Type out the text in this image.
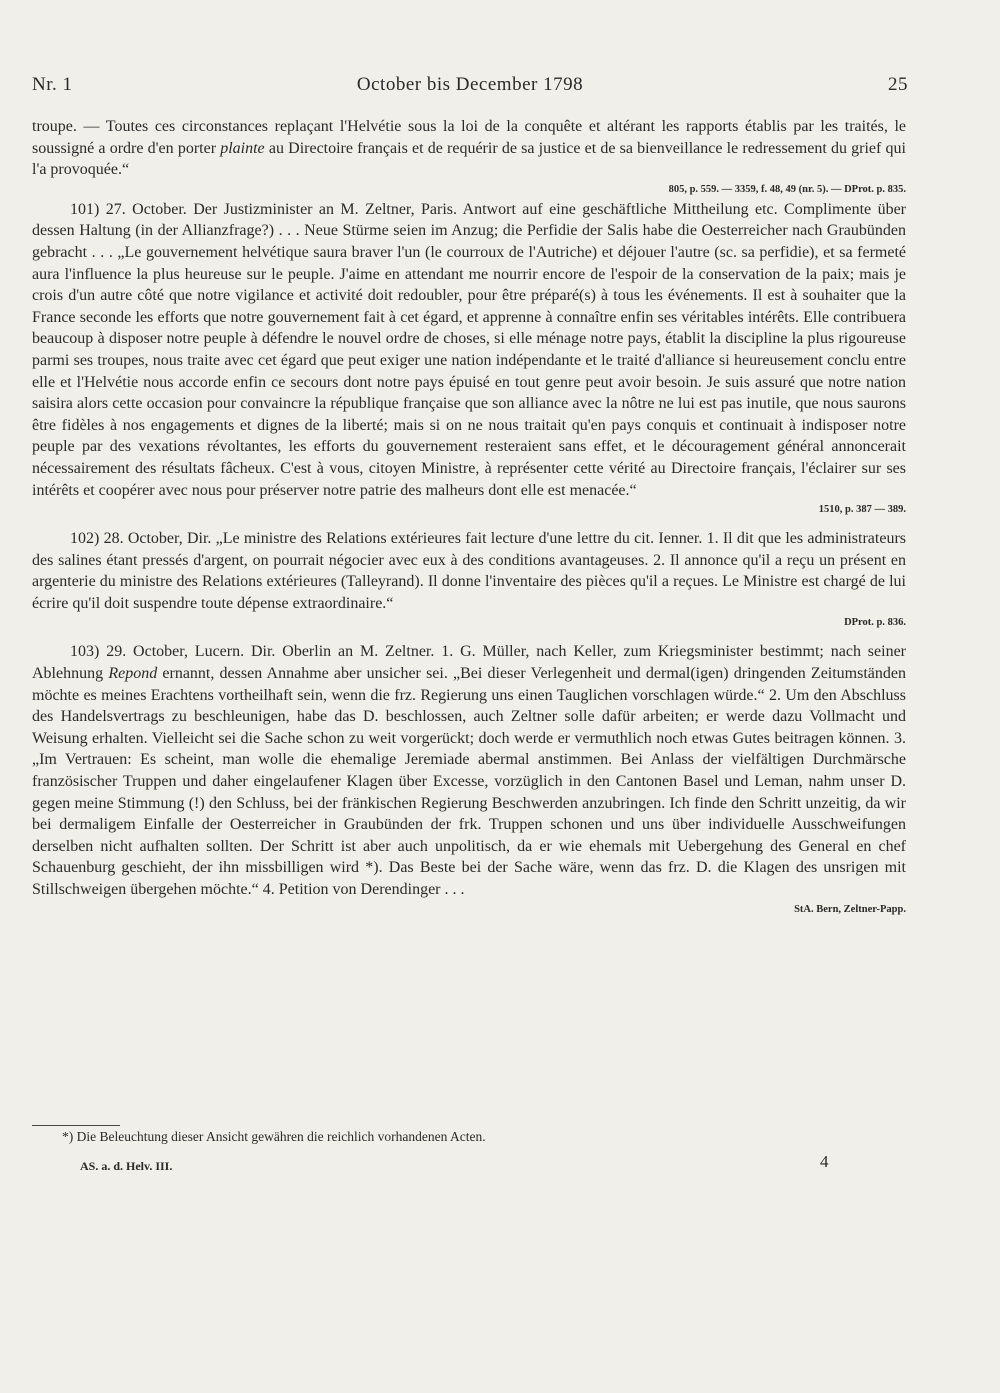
Nr. 1	October bis December 1798	25

troupe. — Toutes ces circonstances replaçant l'Helvétie sous la loi de la conquête et altérant les rapports établis par les traités, le soussigné a ordre d'en porter plainte au Directoire français et de requérir de sa justice et de sa bienveillance le redressement du grief qui l'a provoquée.“

805, p. 559. — 3359, f. 48, 49 (nr. 5). — DProt. p. 835.

101) 27. October. Der Justizminister an M. Zeltner, Paris. Antwort auf eine geschäftliche Mittheilung etc. Complimente über dessen Haltung (in der Allianzfrage?) . . . Neue Stürme seien im Anzug; die Perfidie der Salis habe die Oesterreicher nach Graubünden gebracht . . . „Le gouvernement helvétique saura braver l'un (le courroux de l'Autriche) et déjouer l'autre (sc. sa perfidie), et sa fermeté aura l'influence la plus heureuse sur le peuple. J'aime en attendant me nourrir encore de l'espoir de la conservation de la paix; mais je crois d'un autre côté que notre vigilance et activité doit redoubler, pour être préparé(s) à tous les événements. Il est à souhaiter que la France seconde les efforts que notre gouvernement fait à cet égard, et apprenne à connaître enfin ses véritables intérêts. Elle contribuera beaucoup à disposer notre peuple à défendre le nouvel ordre de choses, si elle ménage notre pays, établit la discipline la plus rigoureuse parmi ses troupes, nous traite avec cet égard que peut exiger une nation indépendante et le traité d'alliance si heureusement conclu entre elle et l'Helvétie nous accorde enfin ce secours dont notre pays épuisé en tout genre peut avoir besoin. Je suis assuré que notre nation saisira alors cette occasion pour convaincre la république française que son alliance avec la nôtre ne lui est pas inutile, que nous saurons être fidèles à nos engagements et dignes de la liberté; mais si on ne nous traitait qu'en pays conquis et continuait à indisposer notre peuple par des vexations révoltantes, les efforts du gouvernement resteraient sans effet, et le découragement général annoncerait nécessairement des résultats fâcheux. C'est à vous, citoyen Ministre, à représenter cette vérité au Directoire français, l'éclairer sur ses intérêts et coopérer avec nous pour préserver notre patrie des malheurs dont elle est menacée.“

1510, p. 387 — 389.

102) 28. October, Dir. „Le ministre des Relations extérieures fait lecture d'une lettre du cit. Ienner. 1. Il dit que les administrateurs des salines étant pressés d'argent, on pourrait négocier avec eux à des conditions avantageuses. 2. Il annonce qu'il a reçu un présent en argenterie du ministre des Relations extérieures (Talleyrand). Il donne l'inventaire des pièces qu'il a reçues. Le Ministre est chargé de lui écrire qu'il doit suspendre toute dépense extraordinaire.“

DProt. p. 836.

103) 29. October, Lucern. Dir. Oberlin an M. Zeltner. 1. G. Müller, nach Keller, zum Kriegsminister bestimmt; nach seiner Ablehnung Repond ernannt, dessen Annahme aber unsicher sei. „Bei dieser Verlegenheit und dermal(igen) dringenden Zeitumständen möchte es meines Erachtens vortheilhaft sein, wenn die frz. Regierung uns einen Tauglichen vorschlagen würde.“ 2. Um den Abschluss des Handelsvertrags zu beschleunigen, habe das D. beschlossen, auch Zeltner solle dafür arbeiten; er werde dazu Vollmacht und Weisung erhalten. Vielleicht sei die Sache schon zu weit vorgerückt; doch werde er vermuthlich noch etwas Gutes beitragen können. 3. „Im Vertrauen: Es scheint, man wolle die ehemalige Jeremiade abermal anstimmen. Bei Anlass der vielfältigen Durchmärsche französischer Truppen und daher eingelaufener Klagen über Excesse, vorzüglich in den Cantonen Basel und Leman, nahm unser D. gegen meine Stimmung (!) den Schluss, bei der fränkischen Regierung Beschwerden anzubringen. Ich finde den Schritt unzeitig, da wir bei dermaligem Einfalle der Oesterreicher in Graubünden der frk. Truppen schonen und uns über individuelle Ausschweifungen derselben nicht aufhalten sollten. Der Schritt ist aber auch unpolitisch, da er wie ehemals mit Uebergehung des General en chef Schauenburg geschieht, der ihn missbilligen wird *). Das Beste bei der Sache wäre, wenn das frz. D. die Klagen des unsrigen mit Stillschweigen übergehen möchte.“ 4. Petition von Derendinger . . .

StA. Bern, Zeltner-Papp.

*) Die Beleuchtung dieser Ansicht gewähren die reichlich vorhandenen Acten.
AS. a. d. Helv. III.	4
